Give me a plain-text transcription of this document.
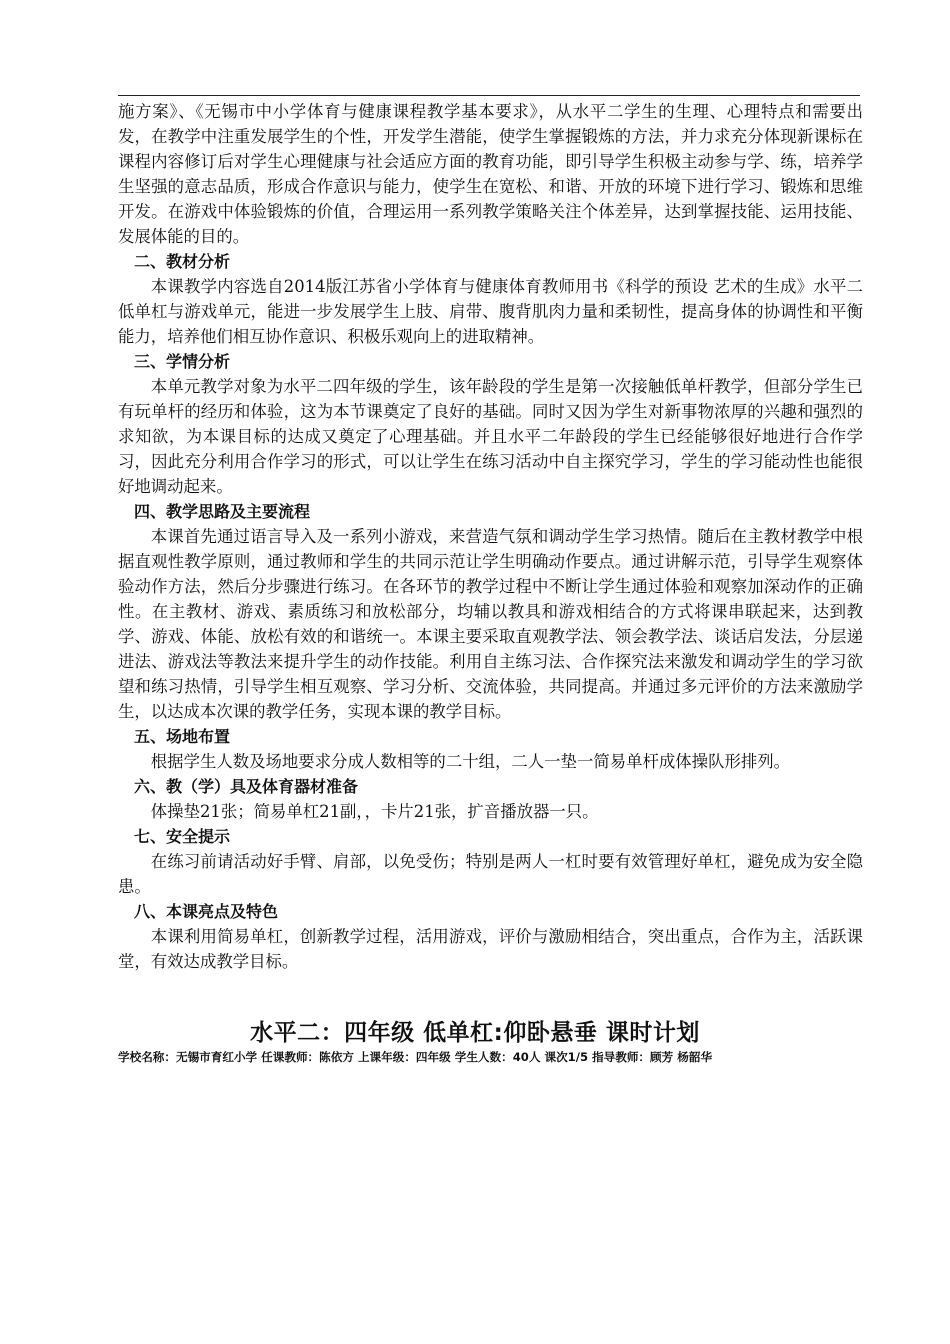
施方案》、《无锡市中小学体育与健康课程教学基本要求》，从水平二学生的生理、心理特点和需要出发，在教学中注重发展学生的个性，开发学生潜能，使学生掌握锻炼的方法，并力求充分体现新课标在课程内容修订后对学生心理健康与社会适应方面的教育功能，即引导学生积极主动参与学、练，培养学生坚强的意志品质，形成合作意识与能力，使学生在宽松、和谐、开放的环境下进行学习、锻炼和思维开发。在游戏中体验锻炼的价值，合理运用一系列教学策略关注个体差异，达到掌握技能、运用技能、发展体能的目的。

二、教材分析

本课教学内容选自2014版江苏省小学体育与健康体育教师用书《科学的预设 艺术的生成》水平二低单杠与游戏单元，能进一步发展学生上肢、肩带、腹背肌肉力量和柔韧性，提高身体的协调性和平衡能力，培养他们相互协作意识、积极乐观向上的进取精神。

三、学情分析

本单元教学对象为水平二四年级的学生，该年龄段的学生是第一次接触低单杆教学，但部分学生已有玩单杆的经历和体验，这为本节课奠定了良好的基础。同时又因为学生对新事物浓厚的兴趣和强烈的求知欲，为本课目标的达成又奠定了心理基础。并且水平二年龄段的学生已经能够很好地进行合作学习，因此充分利用合作学习的形式，可以让学生在练习活动中自主探究学习，学生的学习能动性也能很好地调动起来。

四、教学思路及主要流程

本课首先通过语言导入及一系列小游戏，来营造气氛和调动学生学习热情。随后在主教材教学中根据直观性教学原则，通过教师和学生的共同示范让学生明确动作要点。通过讲解示范，引导学生观察体验动作方法，然后分步骤进行练习。在各环节的教学过程中不断让学生通过体验和观察加深动作的正确性。在主教材、游戏、素质练习和放松部分，均辅以教具和游戏相结合的方式将课串联起来，达到教学、游戏、体能、放松有效的和谐统一。本课主要采取直观教学法、领会教学法、谈话启发法，分层递进法、游戏法等教法来提升学生的动作技能。利用自主练习法、合作探究法来激发和调动学生的学习欲望和练习热情，引导学生相互观察、学习分析、交流体验，共同提高。并通过多元评价的方法来激励学生，以达成本次课的教学任务，实现本课的教学目标。

五、场地布置

根据学生人数及场地要求分成人数相等的二十组，二人一垫一简易单杆成体操队形排列。

六、教（学）具及体育器材准备

体操垫21张；简易单杠21副，，卡片21张，扩音播放器一只。

七、安全提示

在练习前请活动好手臂、肩部，以免受伤；特别是两人一杠时要有效管理好单杠，避免成为安全隐患。

八、本课亮点及特色

本课利用简易单杠，创新教学过程，活用游戏，评价与激励相结合，突出重点，合作为主，活跃课堂，有效达成教学目标。

水平二：四年级 低单杠:仰卧悬垂 课时计划
学校名称：无锡市育红小学 任课教师：陈依方 上课年级：四年级 学生人数：40人 课次1/5 指导教师：顾芳 杨韶华
